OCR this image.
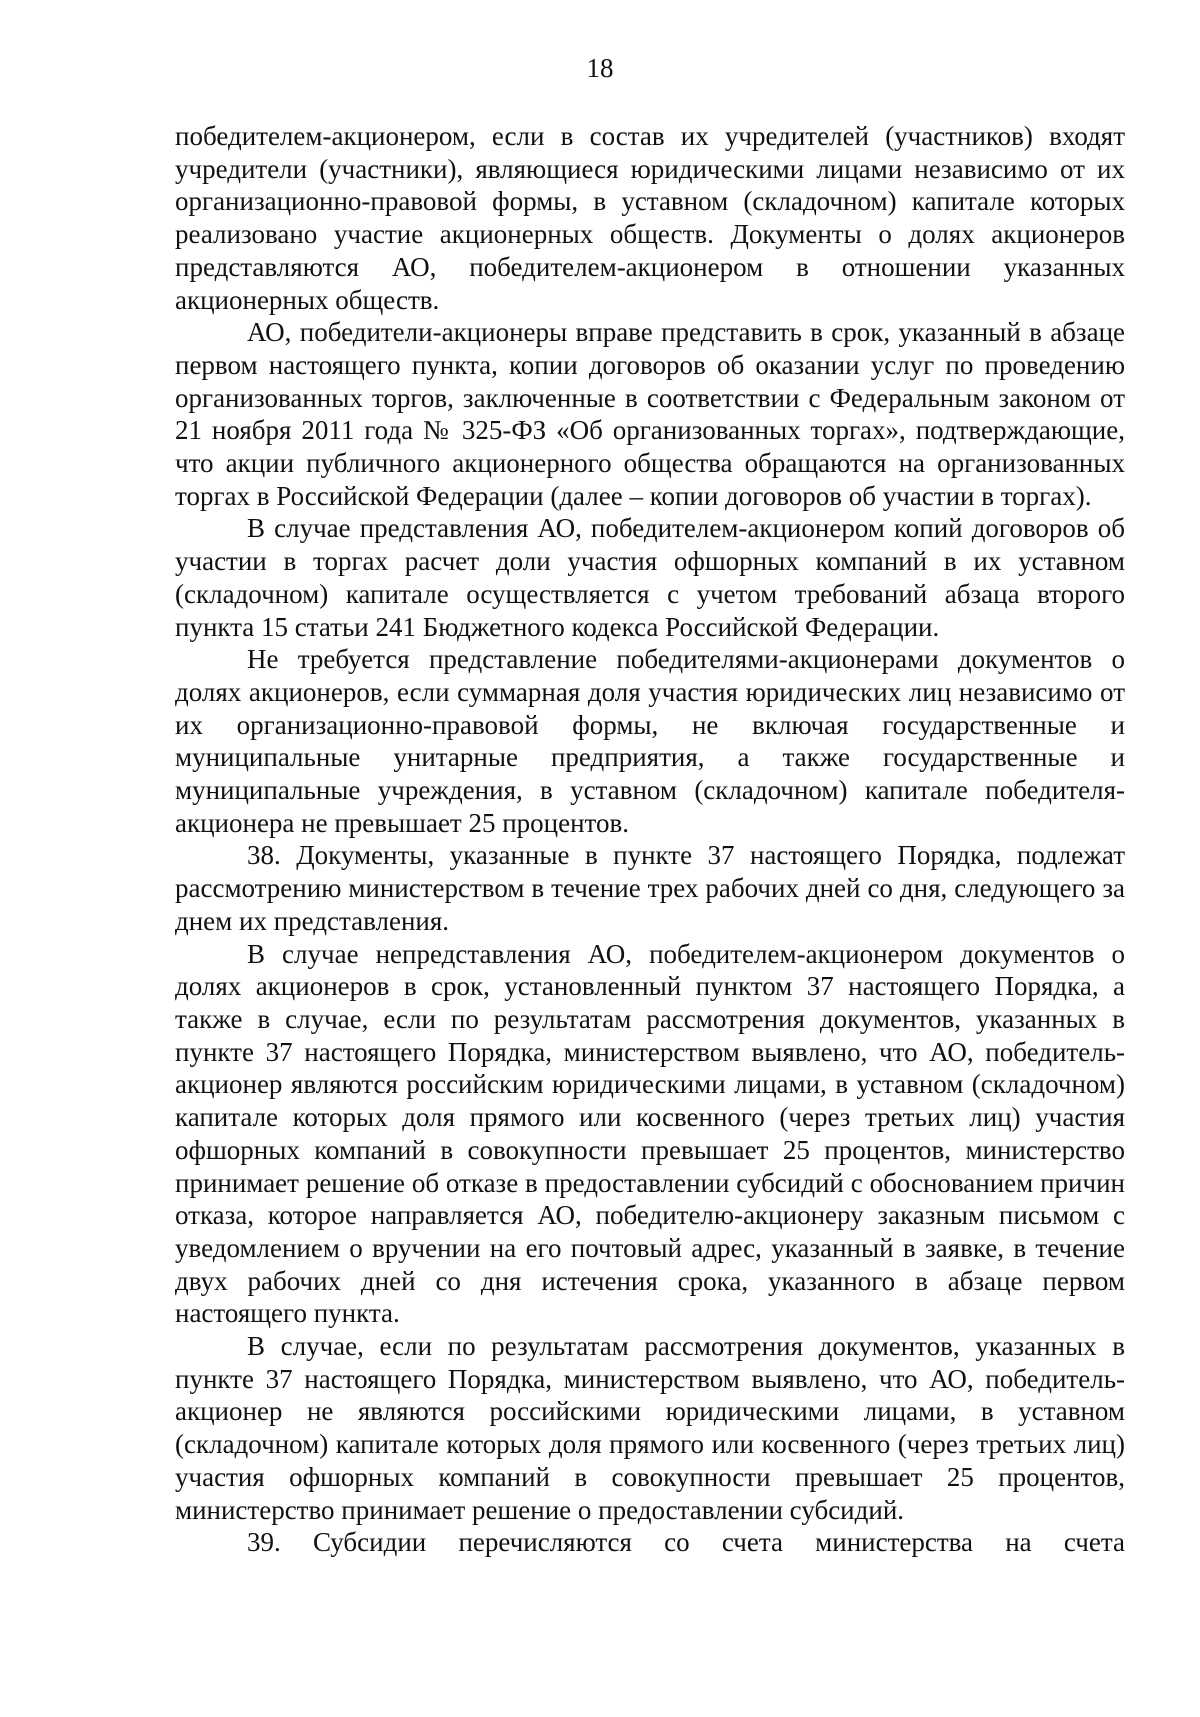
18

победителем-акционером, если в состав их учредителей (участников) входят учредители (участники), являющиеся юридическими лицами независимо от их организационно-правовой формы, в уставном (складочном) капитале которых реализовано участие акционерных обществ. Документы о долях акционеров представляются АО, победителем-акционером в отношении указанных акционерных обществ.

АО, победители-акционеры вправе представить в срок, указанный в абзаце первом настоящего пункта, копии договоров об оказании услуг по проведению организованных торгов, заключенные в соответствии с Федеральным законом от 21 ноября 2011 года № 325-ФЗ «Об организованных торгах», подтверждающие, что акции публичного акционерного общества обращаются на организованных торгах в Российской Федерации (далее – копии договоров об участии в торгах).

В случае представления АО, победителем-акционером копий договоров об участии в торгах расчет доли участия офшорных компаний в их уставном (складочном) капитале осуществляется с учетом требований абзаца второго пункта 15 статьи 241 Бюджетного кодекса Российской Федерации.

Не требуется представление победителями-акционерами документов о долях акционеров, если суммарная доля участия юридических лиц независимо от их организационно-правовой формы, не включая государственные и муниципальные унитарные предприятия, а также государственные и муниципальные учреждения, в уставном (складочном) капитале победителя-акционера не превышает 25 процентов.

38. Документы, указанные в пункте 37 настоящего Порядка, подлежат рассмотрению министерством в течение трех рабочих дней со дня, следующего за днем их представления.

В случае непредставления АО, победителем-акционером документов о долях акционеров в срок, установленный пунктом 37 настоящего Порядка, а также в случае, если по результатам рассмотрения документов, указанных в пункте 37 настоящего Порядка, министерством выявлено, что АО, победитель-акционер являются российским юридическими лицами, в уставном (складочном) капитале которых доля прямого или косвенного (через третьих лиц) участия офшорных компаний в совокупности превышает 25 процентов, министерство принимает решение об отказе в предоставлении субсидий с обоснованием причин отказа, которое направляется АО, победителю-акционеру заказным письмом с уведомлением о вручении на его почтовый адрес, указанный в заявке, в течение двух рабочих дней со дня истечения срока, указанного в абзаце первом настоящего пункта.

В случае, если по результатам рассмотрения документов, указанных в пункте 37 настоящего Порядка, министерством выявлено, что АО, победитель-акционер не являются российскими юридическими лицами, в уставном (складочном) капитале которых доля прямого или косвенного (через третьих лиц) участия офшорных компаний в совокупности превышает 25 процентов, министерство принимает решение о предоставлении субсидий.

39. Субсидии перечисляются со счета министерства на счета
